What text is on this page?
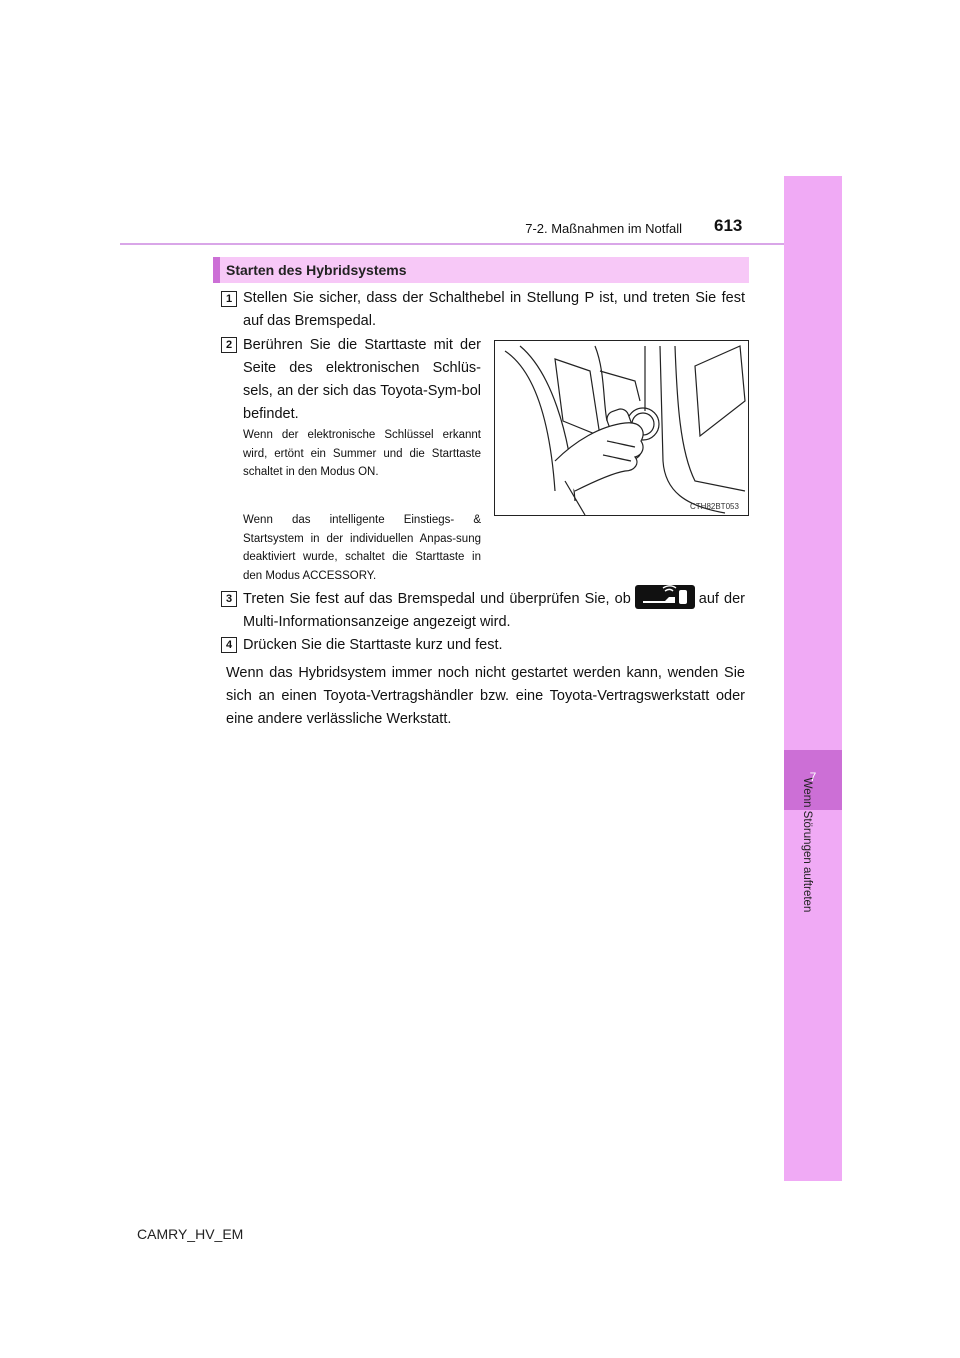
7-2. Maßnahmen im Notfall 613
7
Wenn Störungen auftreten
Starten des Hybridsystems
1 Stellen Sie sicher, dass der Schalthebel in Stellung P ist, und treten Sie fest auf das Bremspedal.
2 Berühren Sie die Starttaste mit der Seite des elektronischen Schlüs-sels, an der sich das Toyota-Sym-bol befindet.
Wenn der elektronische Schlüssel erkannt wird, ertönt ein Summer und die Starttaste schaltet in den Modus ON.
Wenn das intelligente Einstiegs- & Startsystem in der individuellen Anpas-sung deaktiviert wurde, schaltet die Starttaste in den Modus ACCESSORY.
CTH82BT053
3 Treten Sie fest auf das Bremspedal und überprüfen Sie, ob	auf der Multi-Informationsanzeige angezeigt wird.
4 Drücken Sie die Starttaste kurz und fest.
Wenn das Hybridsystem immer noch nicht gestartet werden kann, wenden Sie sich an einen Toyota-Vertragshändler bzw. eine Toyota-Vertragswerkstatt oder eine andere verlässliche Werkstatt.
CAMRY_HV_EM
